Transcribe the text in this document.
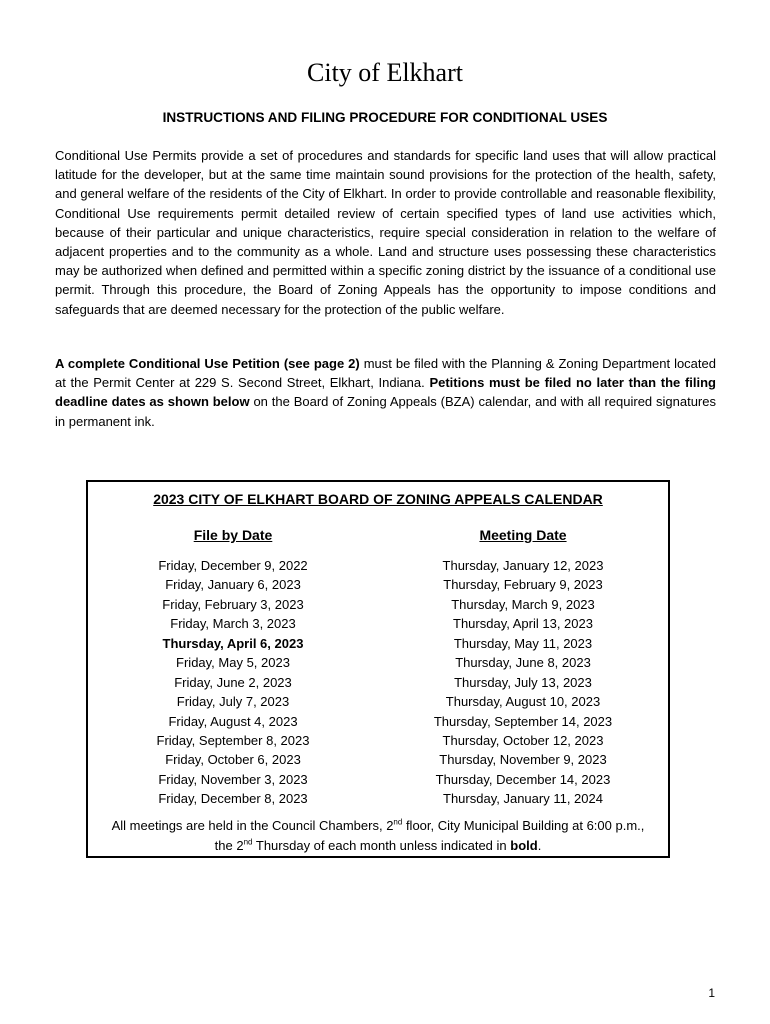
City of Elkhart
INSTRUCTIONS AND FILING PROCEDURE FOR CONDITIONAL USES

Conditional Use Permits provide a set of procedures and standards for specific land uses that will allow practical latitude for the developer, but at the same time maintain sound provisions for the protection of the health, safety, and general welfare of the residents of the City of Elkhart. In order to provide controllable and reasonable flexibility, Conditional Use requirements permit detailed review of certain specified types of land use activities which, because of their particular and unique characteristics, require special consideration in relation to the welfare of adjacent properties and to the community as a whole. Land and structure uses possessing these characteristics may be authorized when defined and permitted within a specific zoning district by the issuance of a conditional use permit. Through this procedure, the Board of Zoning Appeals has the opportunity to impose conditions and safeguards that are deemed necessary for the protection of the public welfare.

A complete Conditional Use Petition (see page 2) must be filed with the Planning & Zoning Department located at the Permit Center at 229 S. Second Street, Elkhart, Indiana. Petitions must be filed no later than the filing deadline dates as shown below on the Board of Zoning Appeals (BZA) calendar, and with all required signatures in permanent ink.

2023 CITY OF ELKHART BOARD OF ZONING APPEALS CALENDAR
File by Date
Friday, December 9, 2022
Friday, January 6, 2023
Friday, February 3, 2023
Friday, March 3, 2023
Thursday, April 6, 2023
Friday, May 5, 2023
Friday, June 2, 2023
Friday, July 7, 2023
Friday, August 4, 2023
Friday, September 8, 2023
Friday, October 6, 2023
Friday, November 3, 2023
Friday, December 8, 2023
Meeting Date
Thursday, January 12, 2023
Thursday, February 9, 2023
Thursday, March 9, 2023
Thursday, April 13, 2023
Thursday, May 11, 2023
Thursday, June 8, 2023
Thursday, July 13, 2023
Thursday, August 10, 2023
Thursday, September 14, 2023
Thursday, October 12, 2023
Thursday, November 9, 2023
Thursday, December 14, 2023
Thursday, January 11, 2024
All meetings are held in the Council Chambers, 2nd floor, City Municipal Building at 6:00 p.m.,
the 2nd Thursday of each month unless indicated in bold.
1
